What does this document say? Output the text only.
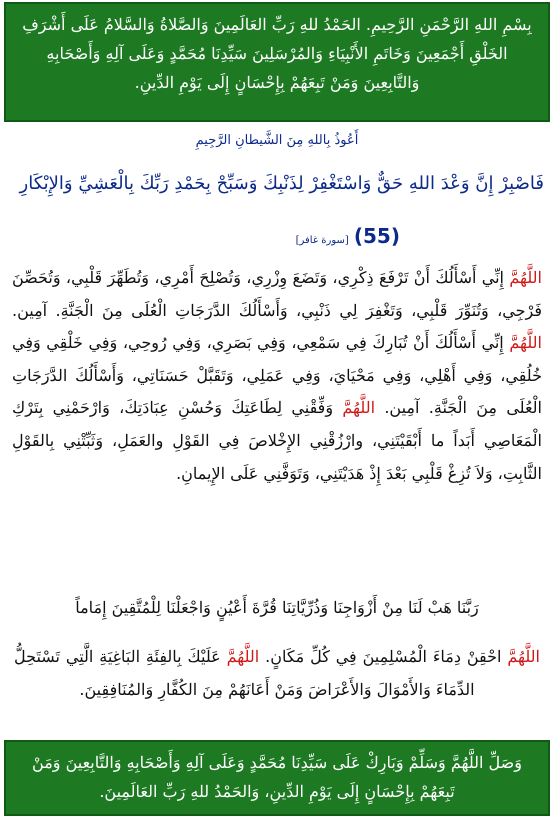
بِسْمِ اللهِ الرَّحْمَنِ الرَّحِيمِ. الحَمْدُ للهِ رَبِّ العَالَمِينَ وَالصَّلاةُ وَالسَّلامُ عَلَى أَشْرَفِ الخَلْقِ أَجْمَعِينَ وَخَاتَمِ الأَنْبِيَاءِ وَالمُرْسَلِينَ سَيِّدِنَا مُحَمَّدٍ وَعَلَى آلِهِ وَأَصْحَابِهِ وَالتَّابِعِينَ وَمَنْ تَبِعَهُمْ بِإِحْسَانٍ إِلَى يَوْمِ الدِّينِ.
أَعُوذُ بِاللهِ مِنَ الشَّيطانِ الرَّجِيمِ
فَاصْبِرْ إِنَّ وَعْدَ اللهِ حَقٌّ وَاسْتَغْفِرْ لِذَنْبِكَ وَسَبِّحْ بِحَمْدِ رَبِّكَ بِالْعَشِيِّ وَالإِبْكَارِ
(55) [سورة غافر]
اللَّهُمَّ إِنِّي أَسْأَلُكَ أَنْ تَرْفَعَ ذِكْرِي، وَتَضَعَ وِزْرِي، وَتُصْلِحَ أَمْرِي، وَتُطَهِّرَ قَلْبِي، وَتُحَصِّنَ فَرْجِي، وَتُنَوِّرَ قَلْبِي، وَتَغْفِرَ لِي ذَنْبِي، وَأَسْأَلُكَ الدَّرَجَاتِ الْعُلَى مِنَ الْجَنَّةِ. آمِين. اللَّهُمَّ إِنِّي أَسْأَلُكَ أَنْ تُبَارِكَ فِي سَمْعِي، وَفِي بَصَرِي، وَفِي رُوحِي، وَفِي خَلْقِي وَفِي خُلُقِي، وَفِي أَهْلِي، وَفِي مَحْيَايَ، وَفِي عَمَلِي، وَتَقَبَّلْ حَسَنَاتِي، وَأَسْأَلُكَ الدَّرَجَاتِ الْعُلَى مِنَ الْجَنَّةِ. آمِين. اللَّهُمَّ وَفِّقْنِي لِطَاعَتِكَ وَحُسْنِ عِبَادَتِكَ، وَارْحَمْنِي بِتَرْكِ الْمَعَاصِي أَبَداً ما أَبْقَيْتَنِي، وارْزُقْنِي الإِخْلاصَ فِي القَوْلِ والعَمَلِ، وَثَبِّتْنِي بِالقَوْلِ الثَّابِتِ، وَلاَ تُزِغْ قَلْبِي بَعْدَ إِذْ هَدَيْتَنِي، وَتَوَفَّنِي عَلَى الإِيمانِ.
رَبَّنَا هَبْ لَنَا مِنْ أَزْوَاجِنَا وَذُرِّيَّاتِنَا قُرَّةَ أَعْيُنٍ وَاجْعَلْنَا لِلْمُتَّقِينَ إِمَاماً
اللَّهُمَّ احْقِنْ دِمَاءَ الْمُسْلِمِينَ فِي كُلِّ مَكَانٍ. اللَّهُمَّ عَلَيْكَ بِالفِئَةِ البَاغِيَةِ الَّتِي تَسْتَحِلُّ الدِّمَاءَ وَالأَمْوَالَ وَالأَعْرَاضَ وَمَنْ أَعَانَهُمْ مِنَ الكُفَّارِ وَالمُنَافِقِينَ.
وَصَلِّ اللَّهُمَّ وَسَلِّمْ وَبَارِكْ عَلَى سَيِّدِنَا مُحَمَّدٍ وَعَلَى آلِهِ وَأَصْحَابِهِ وَالتَّابِعِينَ وَمَنْ تَبِعَهُمْ بِإِحْسَانٍ إِلَى يَوْمِ الدِّينِ، وَالحَمْدُ للهِ رَبِّ العَالَمِينَ.
